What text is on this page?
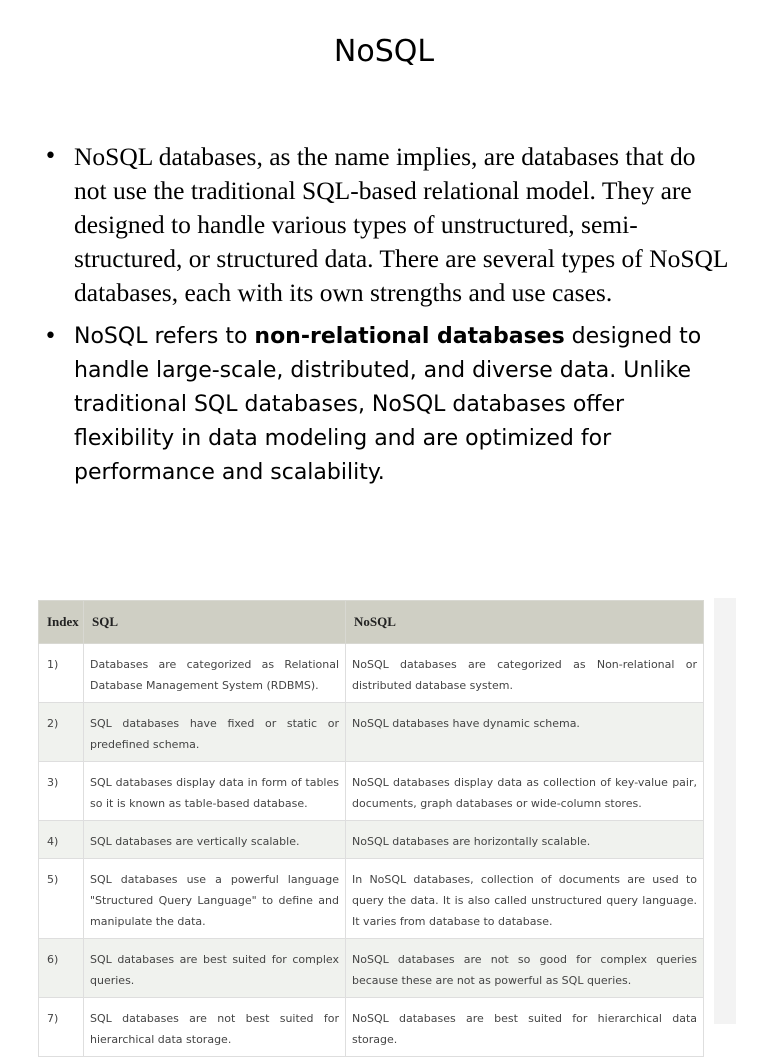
NoSQL
• NoSQL databases, as the name implies, are databases that do not use the traditional SQL-based relational model. They are designed to handle various types of unstructured, semi-structured, or structured data. There are several types of NoSQL databases, each with its own strengths and use cases.
• NoSQL refers to non-relational databases designed to handle large-scale, distributed, and diverse data. Unlike traditional SQL databases, NoSQL databases offer flexibility in data modeling and are optimized for performance and scalability.
Index	SQL	NoSQL
1)	Databases are categorized as Relational Database Management System (RDBMS).	NoSQL databases are categorized as Non-relational or distributed database system.
2)	SQL databases have fixed or static or predefined schema.	NoSQL databases have dynamic schema.
3)	SQL databases display data in form of tables so it is known as table-based database.	NoSQL databases display data as collection of key-value pair, documents, graph databases or wide-column stores.
4)	SQL databases are vertically scalable.	NoSQL databases are horizontally scalable.
5)	SQL databases use a powerful language "Structured Query Language" to define and manipulate the data.	In NoSQL databases, collection of documents are used to query the data. It is also called unstructured query language. It varies from database to database.
6)	SQL databases are best suited for complex queries.	NoSQL databases are not so good for complex queries because these are not as powerful as SQL queries.
7)	SQL databases are not best suited for hierarchical data storage.	NoSQL databases are best suited for hierarchical data storage.
